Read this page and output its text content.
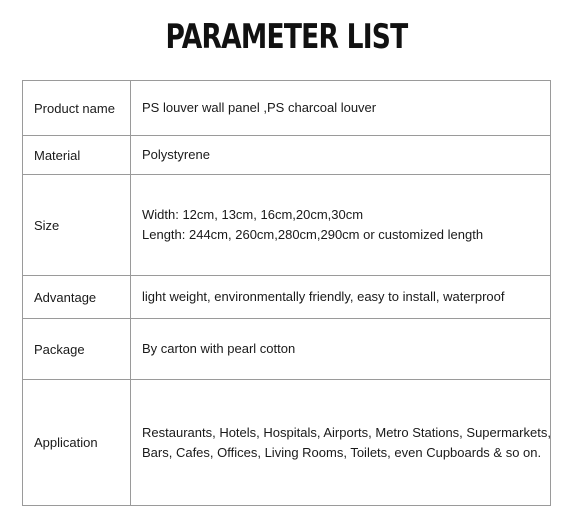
PARAMETER LIST
Product name	PS louver wall panel ,PS charcoal louver

Material	Polystyrene

Size	Width: 12cm, 13cm, 16cm,20cm,30cm
Length: 244cm, 260cm,280cm,290cm or customized length

Advantage	light weight, environmentally friendly, easy to install, waterproof

Package	By carton with pearl cotton

Application	Restaurants, Hotels, Hospitals, Airports, Metro Stations, Supermarkets,
Bars, Cafes, Offices, Living Rooms, Toilets, even Cupboards & so on.
